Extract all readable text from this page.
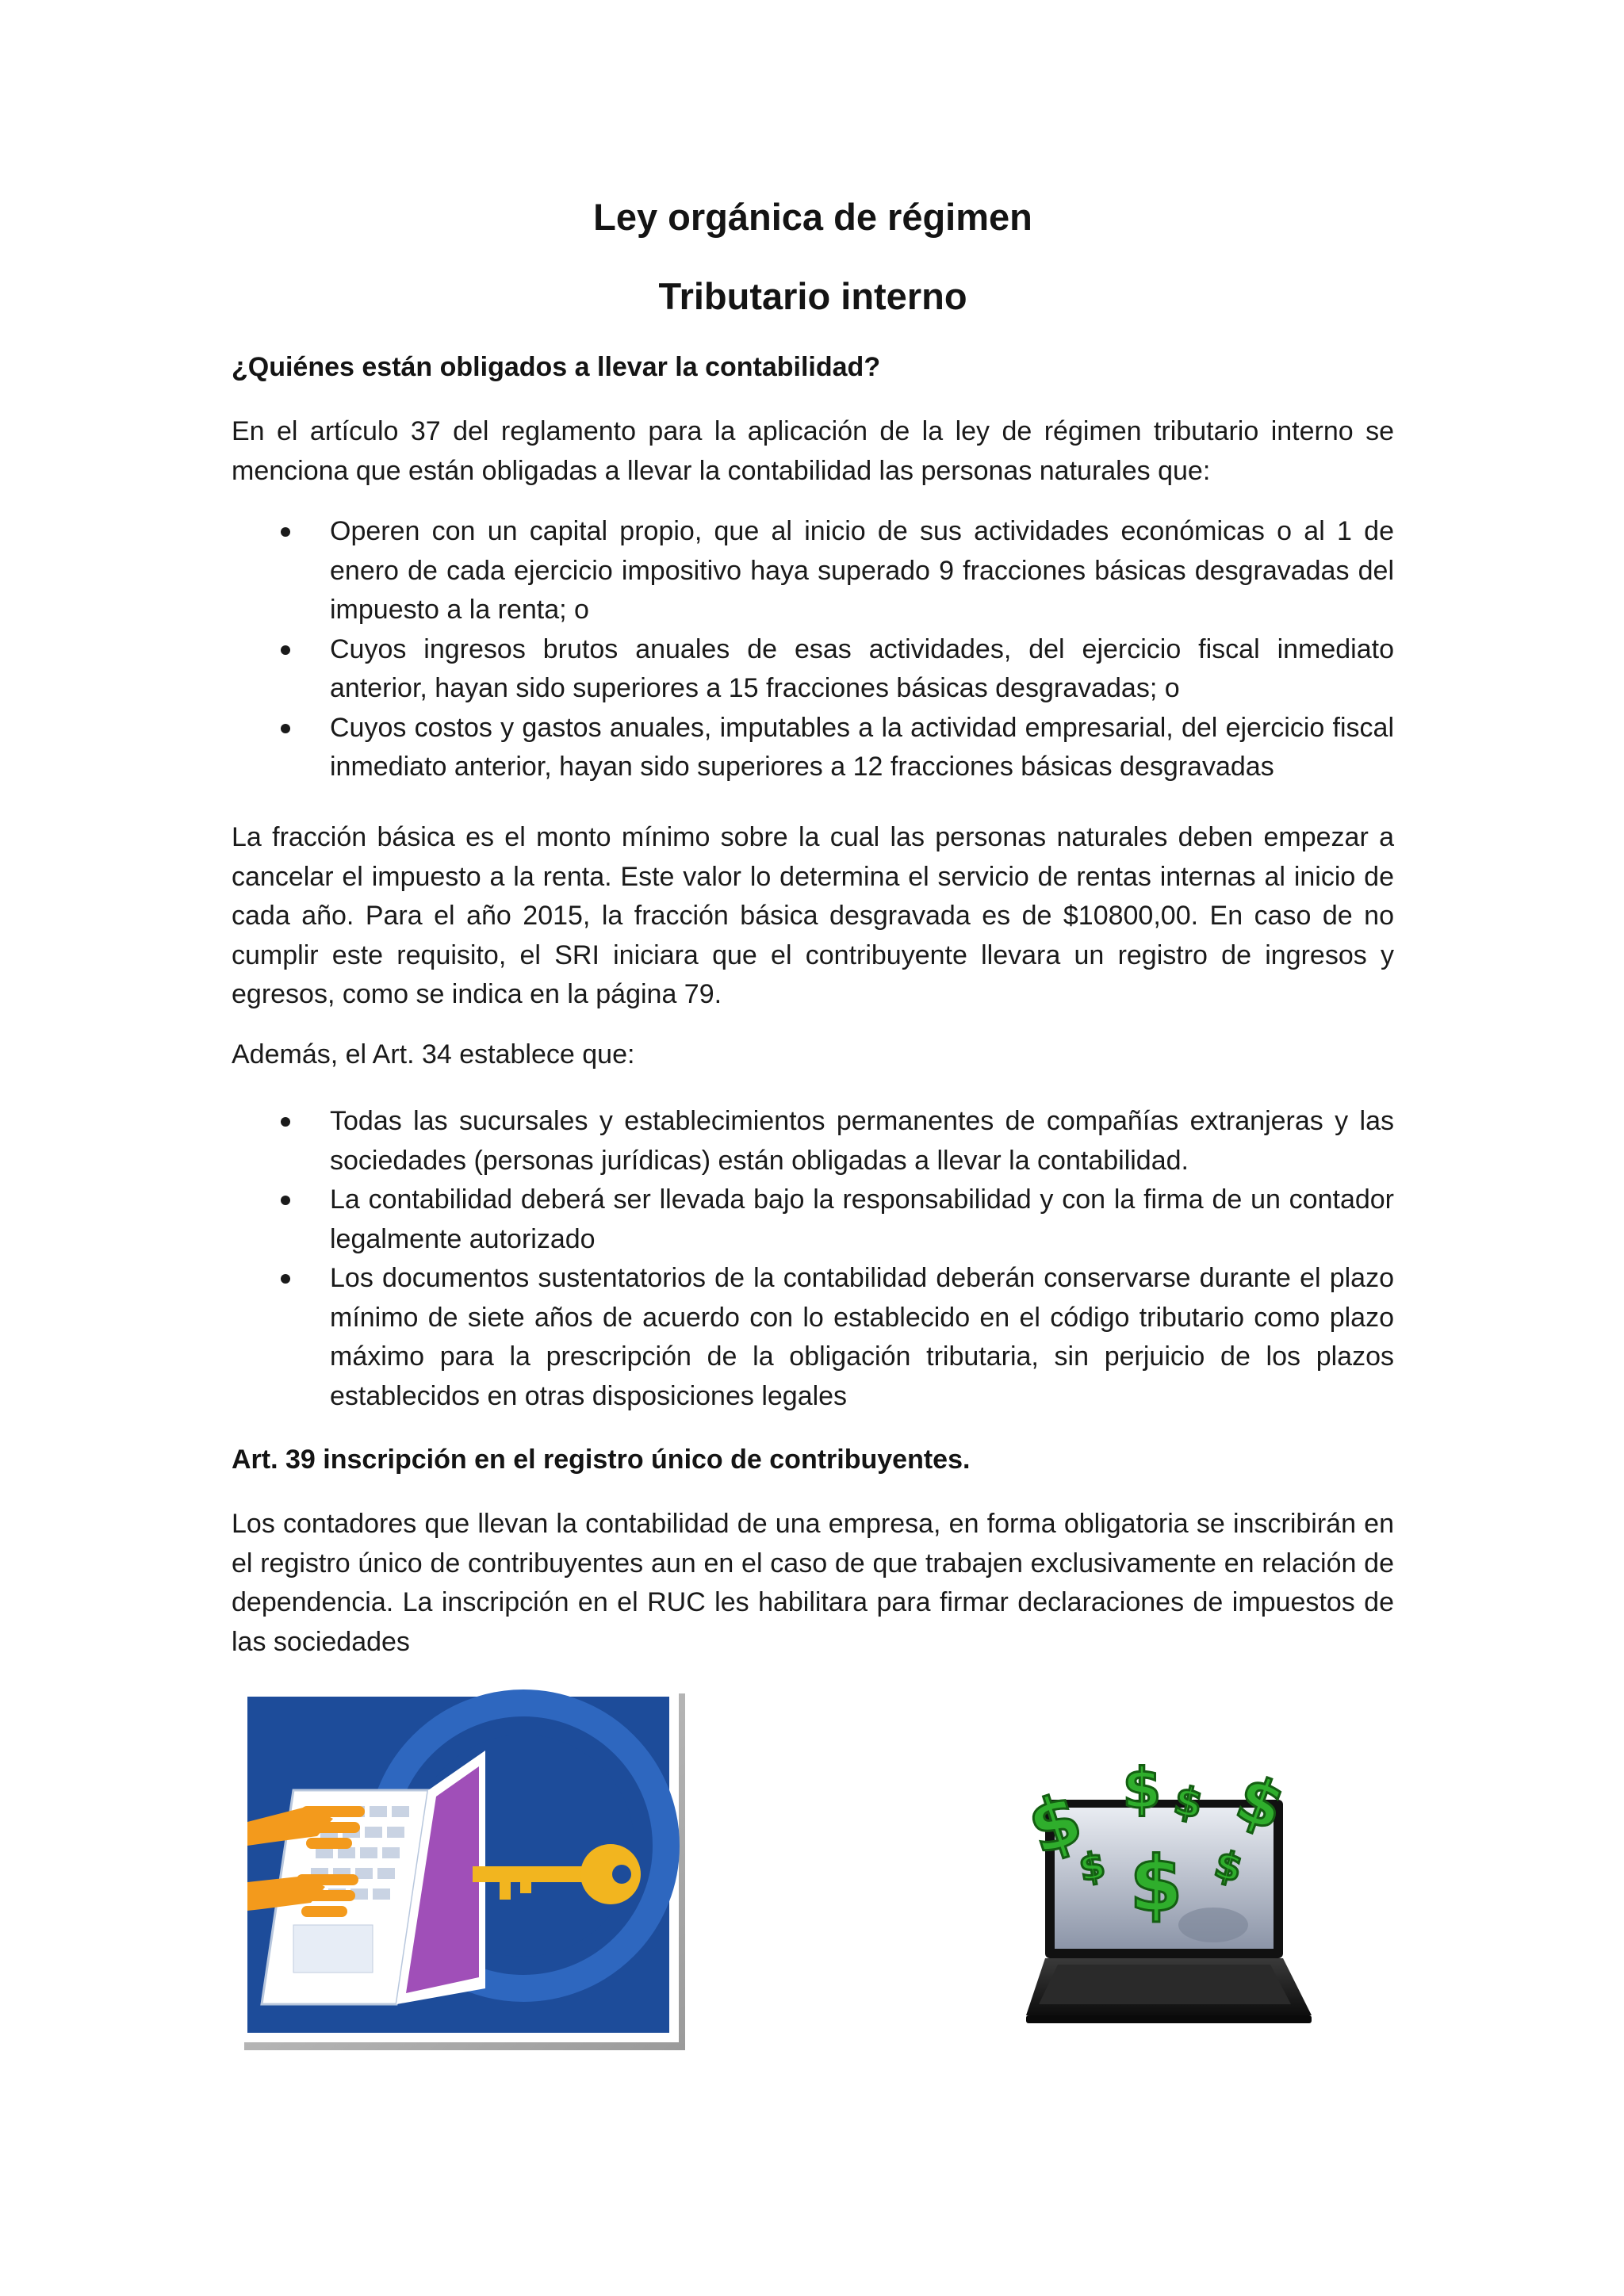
Ley orgánica de régimen
Tributario interno
¿Quiénes están obligados a llevar la contabilidad?
En el artículo 37 del reglamento para la aplicación de la ley de régimen tributario interno se menciona que están obligadas a llevar la contabilidad las personas naturales que:
Operen con un capital propio, que al inicio de sus actividades económicas o al 1 de enero de cada ejercicio impositivo haya superado 9 fracciones básicas desgravadas del impuesto a la renta; o
Cuyos ingresos brutos anuales de esas actividades, del ejercicio fiscal inmediato anterior, hayan sido superiores a 15 fracciones básicas desgravadas; o
Cuyos costos y gastos anuales, imputables a la actividad empresarial, del ejercicio fiscal inmediato anterior, hayan sido superiores a 12 fracciones básicas desgravadas
La fracción básica es el monto mínimo sobre la cual las personas naturales deben empezar a cancelar el impuesto a la renta. Este valor lo determina el servicio de rentas internas al inicio de cada año. Para el año 2015, la fracción básica desgravada es de $10800,00. En caso de no cumplir este requisito, el SRI iniciara que el contribuyente llevara un registro de ingresos y egresos, como se indica en la página 79.
Además, el Art. 34 establece que:
Todas las sucursales y establecimientos permanentes de compañías extranjeras y las sociedades (personas jurídicas) están obligadas a llevar la contabilidad.
La contabilidad deberá ser llevada bajo la responsabilidad y con la firma de un contador legalmente autorizado
Los documentos sustentatorios de la contabilidad deberán conservarse durante el plazo mínimo de siete años de acuerdo con lo establecido en el código tributario como plazo máximo para la prescripción de la obligación tributaria, sin perjuicio de los plazos establecidos en otras disposiciones legales
Art. 39 inscripción en el registro único de contribuyentes.
Los contadores que llevan la contabilidad de una empresa, en forma obligatoria se inscribirán en el registro único de contribuyentes aun en el caso de que trabajen exclusivamente en relación de dependencia. La inscripción en el RUC les habilitara para firmar declaraciones de impuestos de las sociedades
$ $ $ $
$ $ $
